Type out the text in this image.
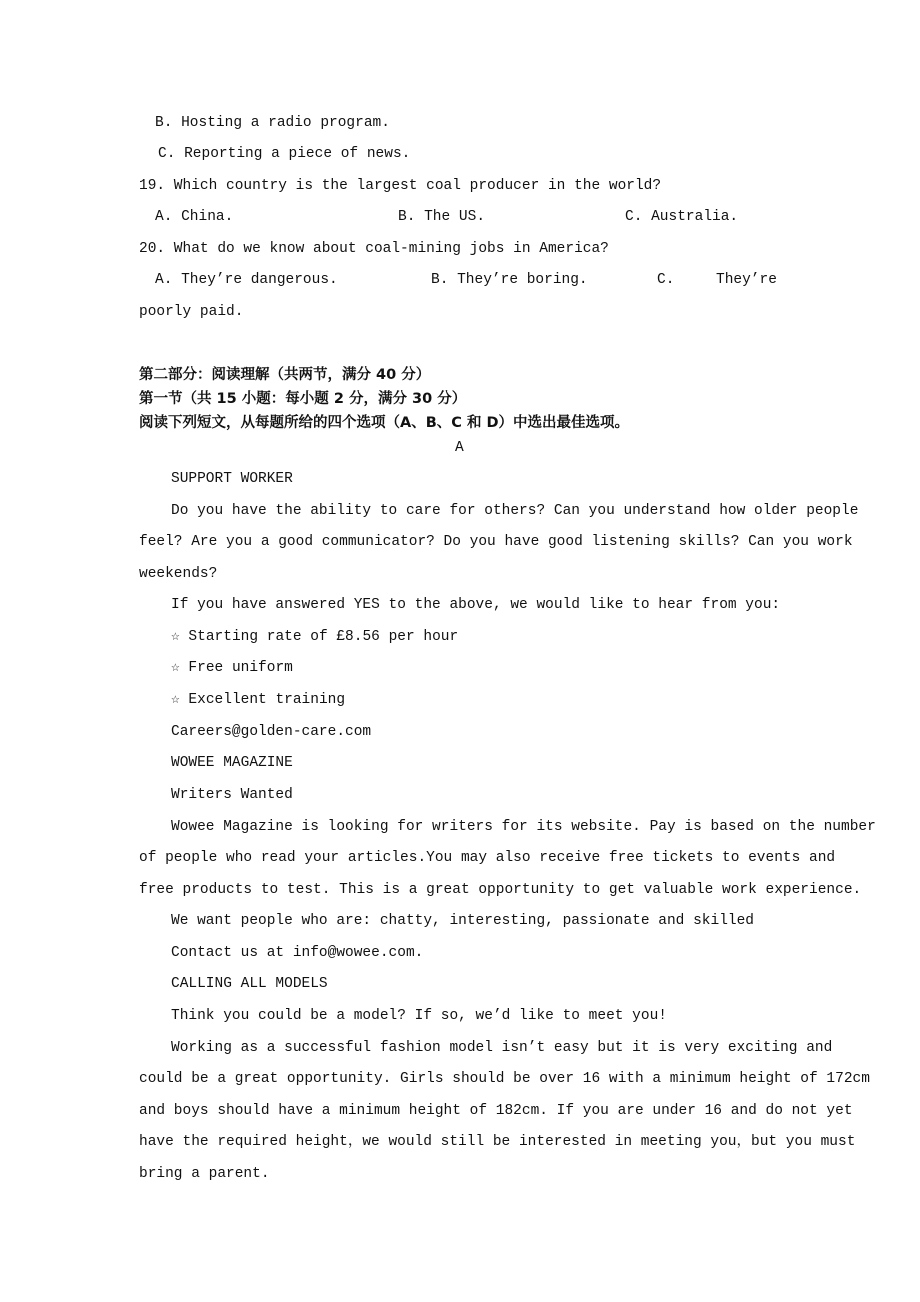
B. Hosting a radio program.
C. Reporting a piece of news.
19. Which country is the largest coal producer in the world?
A. China.	B. The US.	C. Australia.
20. What do we know about coal-mining jobs in America?
A. They’re dangerous.	B. They’re boring.	C.	They’re
poorly paid.
第二部分：阅读理解（共两节，满分 40 分）
第一节（共 15 小题：每小题 2 分，满分 30 分）
阅读下列短文，从每题所给的四个选项（A、B、C 和 D）中选出最佳选项。
A
SUPPORT WORKER
Do you have the ability to care for others? Can you understand how older people
feel? Are you a good communicator? Do you have good listening skills? Can you work
weekends?
If you have answered YES to the above, we would like to hear from you:
☆ Starting rate of £8.56 per hour
☆ Free uniform
☆ Excellent training
Careers@golden-care.com
WOWEE MAGAZINE
Writers Wanted
Wowee Magazine is looking for writers for its website. Pay is based on the number
of people who read your articles.You may also receive free tickets to events and
free products to test. This is a great opportunity to get valuable work experience.
We want people who are: chatty, interesting, passionate and skilled
Contact us at info@wowee.com.
CALLING ALL MODELS
Think you could be a model? If so, we’d like to meet you!
Working as a successful fashion model isn’t easy but it is very exciting and
could be a great opportunity. Girls should be over 16 with a minimum height of 172cm
and boys should have a minimum height of 182cm. If you are under 16 and do not yet
have the required height，we would still be interested in meeting you，but you must
bring a parent.
